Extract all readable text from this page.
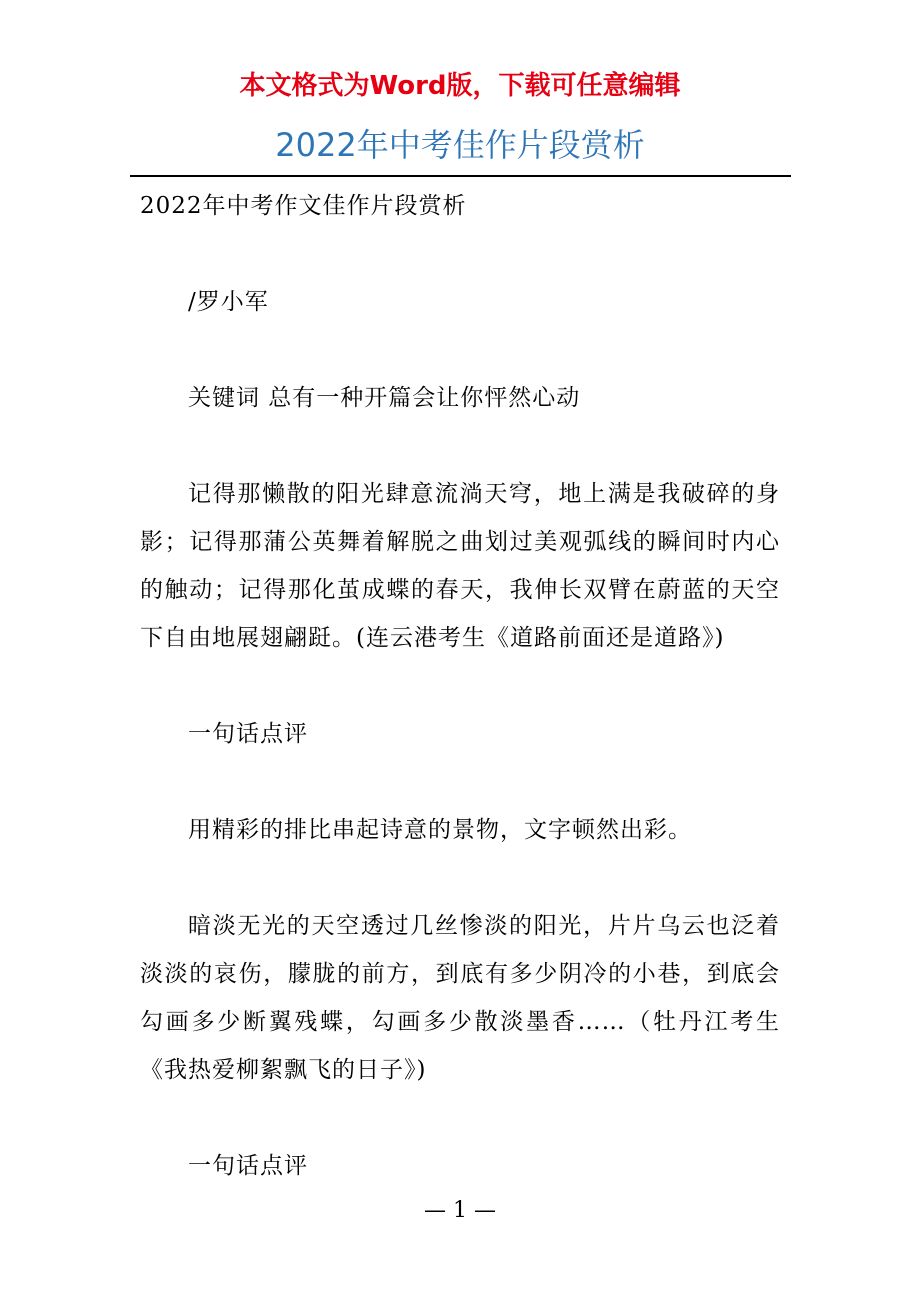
本文格式为Word版，下载可任意编辑
2022年中考佳作片段赏析

2022年中考作文佳作片段赏析

/罗小军

关键词 总有一种开篇会让你怦然心动

记得那懒散的阳光肆意流淌天穹，地上满是我破碎的身影；记得那蒲公英舞着解脱之曲划过美观弧线的瞬间时内心的触动；记得那化茧成蝶的春天，我伸长双臂在蔚蓝的天空下自由地展翅翩跹。(连云港考生《道路前面还是道路》)

一句话点评

用精彩的排比串起诗意的景物，文字顿然出彩。

暗淡无光的天空透过几丝惨淡的阳光，片片乌云也泛着淡淡的哀伤，朦胧的前方，到底有多少阴冷的小巷，到底会勾画多少断翼残蝶，勾画多少散淡墨香……（牡丹江考生《我热爱柳絮飘飞的日子》)

一句话点评

— 1 —
